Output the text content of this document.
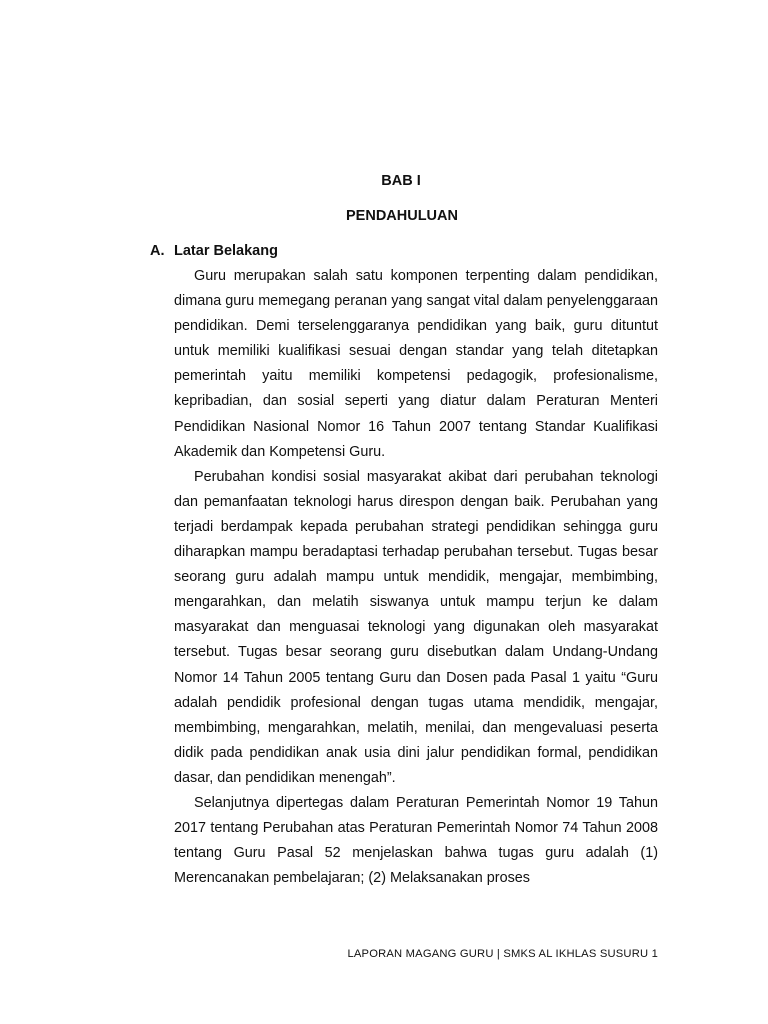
BAB I
PENDAHULUAN
A. Latar Belakang

Guru merupakan salah satu komponen terpenting dalam pendidikan, dimana guru memegang peranan yang sangat vital dalam penyelenggaraan pendidikan. Demi terselenggaranya pendidikan yang baik, guru dituntut untuk memiliki kualifikasi sesuai dengan standar yang telah ditetapkan pemerintah yaitu memiliki kompetensi pedagogik, profesionalisme, kepribadian, dan sosial seperti yang diatur dalam Peraturan Menteri Pendidikan Nasional Nomor 16 Tahun 2007 tentang Standar Kualifikasi Akademik dan Kompetensi Guru.

Perubahan kondisi sosial masyarakat akibat dari perubahan teknologi dan pemanfaatan teknologi harus direspon dengan baik. Perubahan yang terjadi berdampak kepada perubahan strategi pendidikan sehingga guru diharapkan mampu beradaptasi terhadap perubahan tersebut. Tugas besar seorang guru adalah mampu untuk mendidik, mengajar, membimbing, mengarahkan, dan melatih siswanya untuk mampu terjun ke dalam masyarakat dan menguasai teknologi yang digunakan oleh masyarakat tersebut. Tugas besar seorang guru disebutkan dalam Undang-Undang Nomor 14 Tahun 2005 tentang Guru dan Dosen pada Pasal 1 yaitu “Guru adalah pendidik profesional dengan tugas utama mendidik, mengajar, membimbing, mengarahkan, melatih, menilai, dan mengevaluasi peserta didik pada pendidikan anak usia dini jalur pendidikan formal, pendidikan dasar, dan pendidikan menengah”.

Selanjutnya dipertegas dalam Peraturan Pemerintah Nomor 19 Tahun 2017 tentang Perubahan atas Peraturan Pemerintah Nomor 74 Tahun 2008 tentang Guru Pasal 52 menjelaskan bahwa tugas guru adalah (1) Merencanakan pembelajaran; (2) Melaksanakan proses

LAPORAN MAGANG GURU | SMKS AL IKHLAS SUSURU 1
